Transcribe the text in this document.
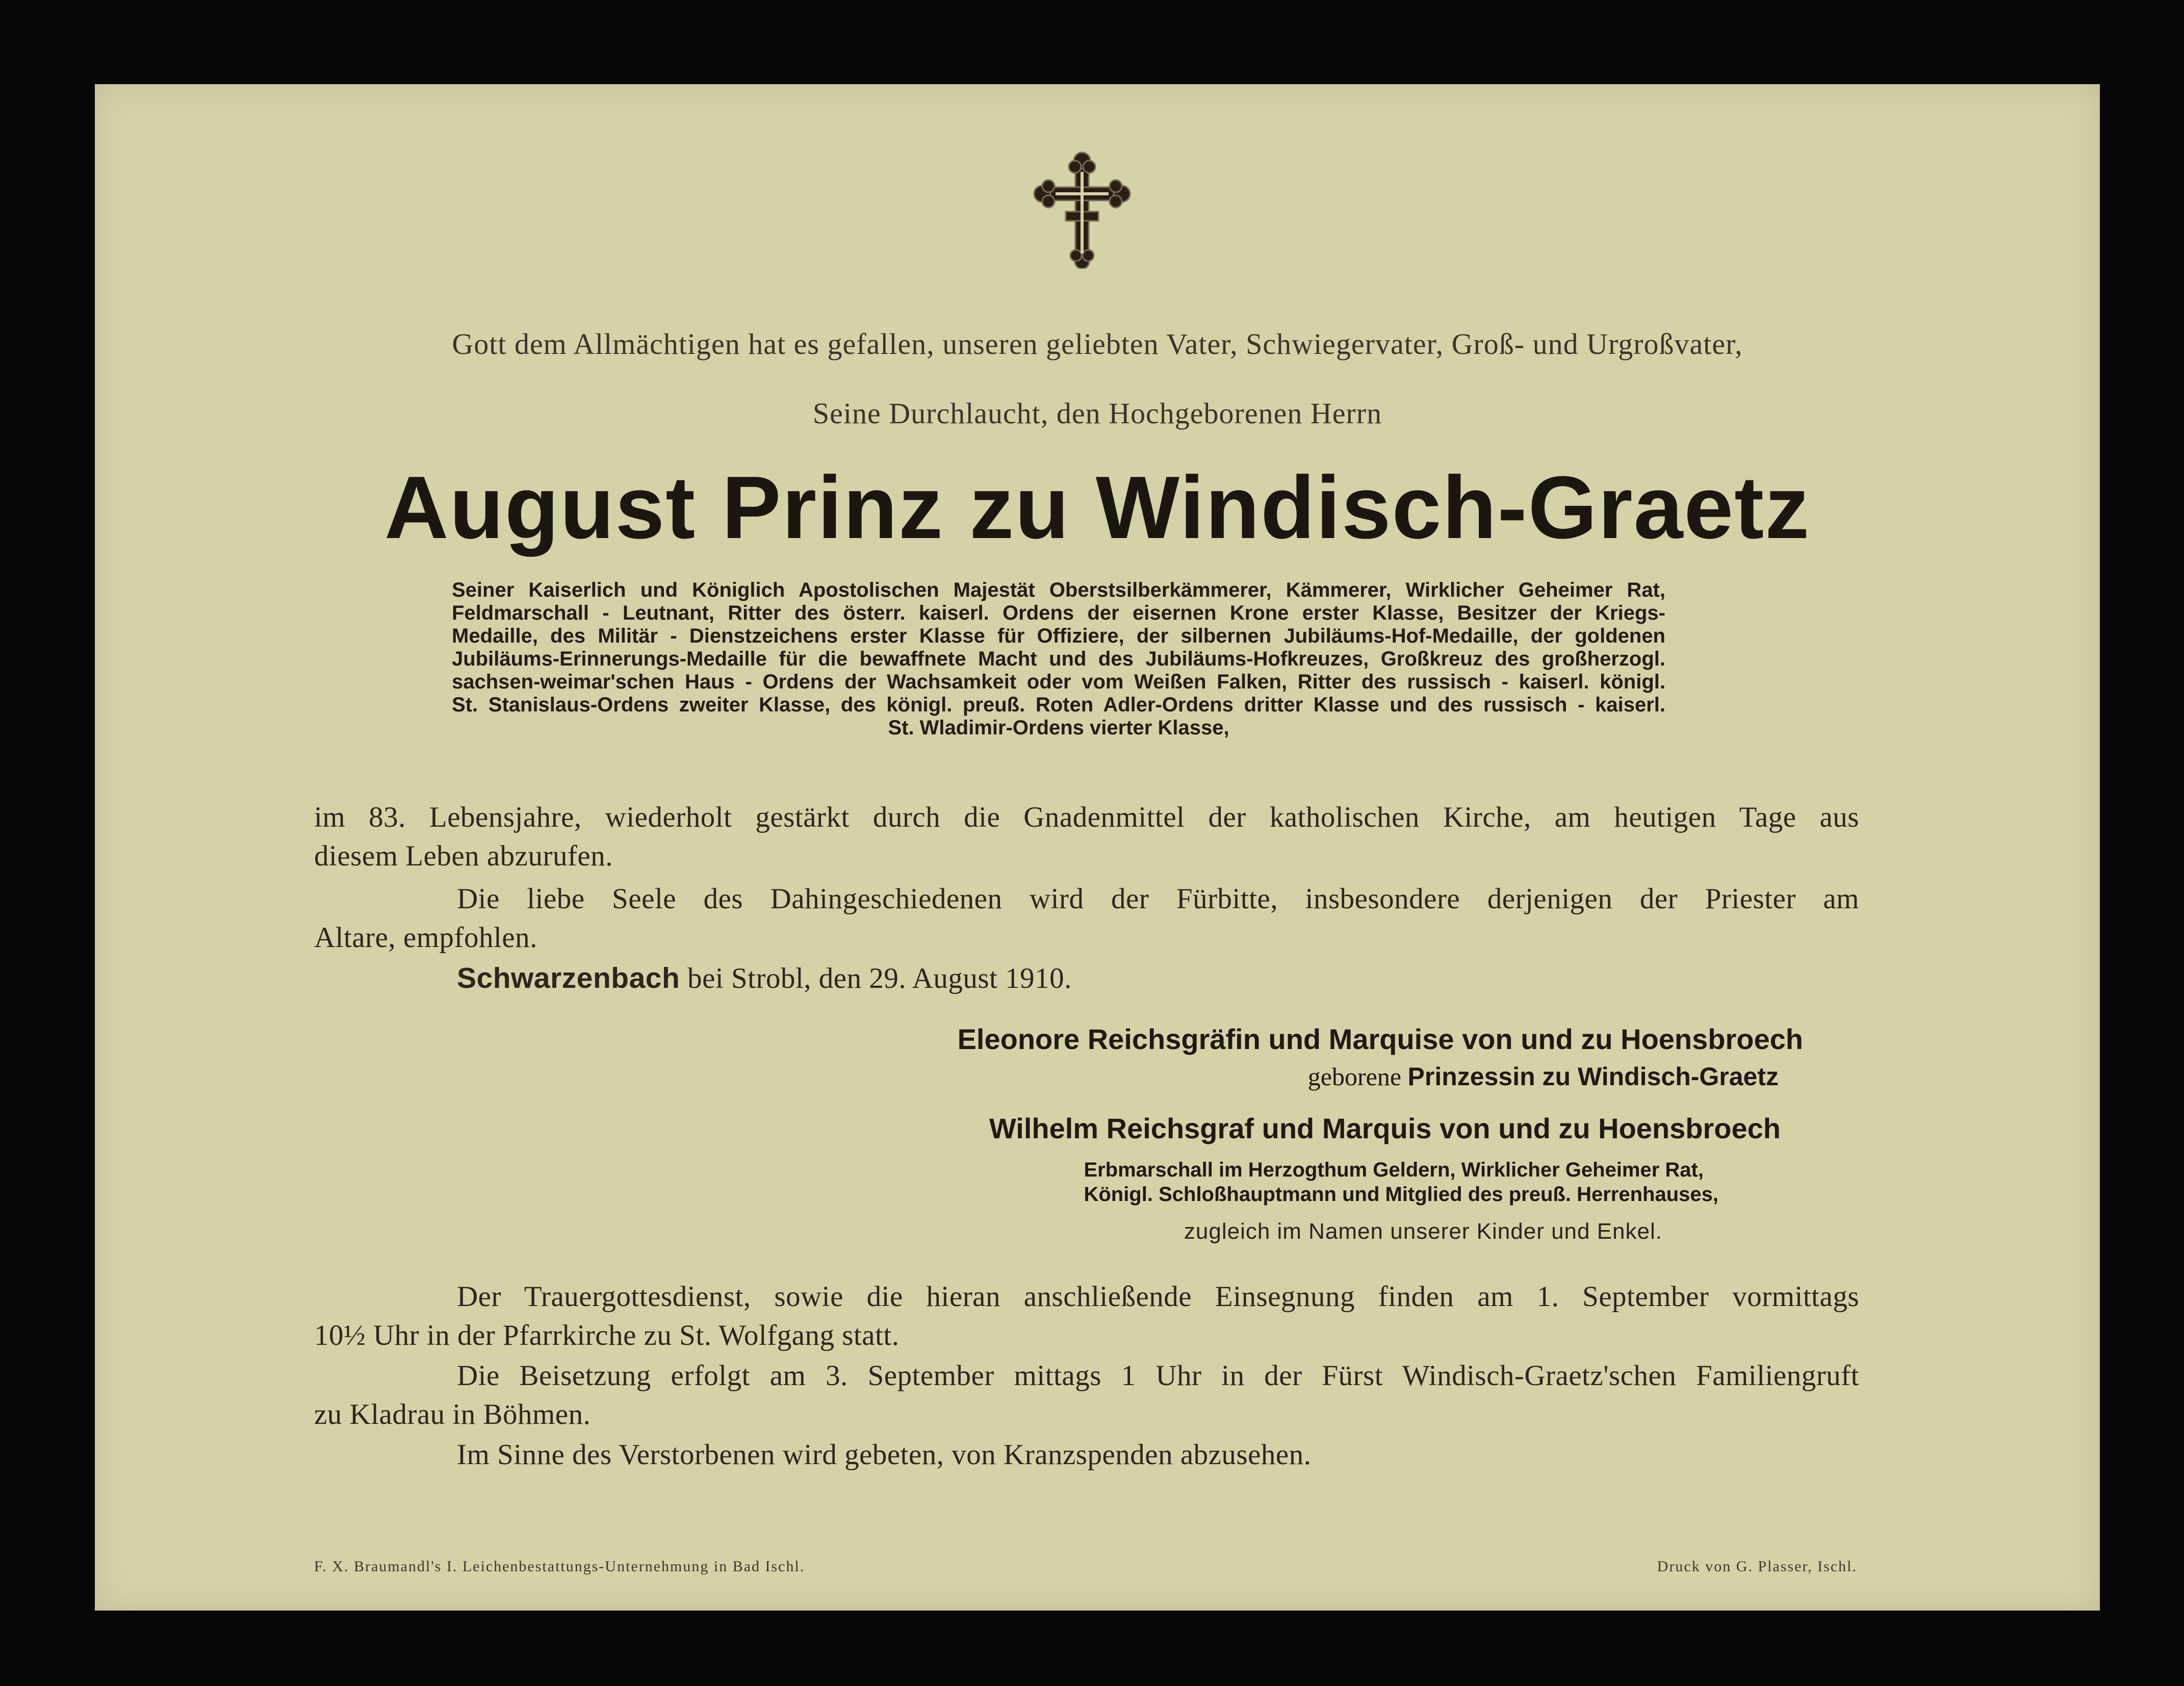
Gott dem Allmächtigen hat es gefallen, unseren geliebten Vater, Schwiegervater, Groß- und Urgroßvater,

Seine Durchlaucht, den Hochgeborenen Herrn

August Prinz zu Windisch-Graetz
Seiner Kaiserlich und Königlich Apostolischen Majestät Oberstsilberkämmerer, Kämmerer, Wirklicher Geheimer Rat,
Feldmarschall - Leutnant, Ritter des österr. kaiserl. Ordens der eisernen Krone erster Klasse, Besitzer der Kriegs-
Medaille, des Militär - Dienstzeichens erster Klasse für Offiziere, der silbernen Jubiläums-Hof-Medaille, der goldenen
Jubiläums-Erinnerungs-Medaille für die bewaffnete Macht und des Jubiläums-Hofkreuzes, Großkreuz des großherzogl.
sachsen-weimar'schen Haus - Ordens der Wachsamkeit oder vom Weißen Falken, Ritter des russisch - kaiserl. königl.
St. Stanislaus-Ordens zweiter Klasse, des königl. preuß. Roten Adler-Ordens dritter Klasse und des russisch - kaiserl.
St. Wladimir-Ordens vierter Klasse,
im 83. Lebensjahre, wiederholt gestärkt durch die Gnadenmittel der katholischen Kirche, am heutigen Tage aus
diesem Leben abzurufen.
Die liebe Seele des Dahingeschiedenen wird der Fürbitte, insbesondere derjenigen der Priester am
Altare, empfohlen.
Schwarzenbach bei Strobl, den 29. August 1910.

Eleonore Reichsgräfin und Marquise von und zu Hoensbroech

geborene Prinzessin zu Windisch-Graetz

Wilhelm Reichsgraf und Marquis von und zu Hoensbroech

Erbmarschall im Herzogthum Geldern, Wirklicher Geheimer Rat,
Königl. Schloßhauptmann und Mitglied des preuß. Herrenhauses,

zugleich im Namen unserer Kinder und Enkel.

Der Trauergottesdienst, sowie die hieran anschließende Einsegnung finden am 1. September vormittags
10½ Uhr in der Pfarrkirche zu St. Wolfgang statt.
Die Beisetzung erfolgt am 3. September mittags 1 Uhr in der Fürst Windisch-Graetz'schen Familiengruft
zu Kladrau in Böhmen.
Im Sinne des Verstorbenen wird gebeten, von Kranzspenden abzusehen.

F. X. Braumandl's I. Leichenbestattungs-Unternehmung in Bad Ischl.	Druck von G. Plasser, Ischl.
